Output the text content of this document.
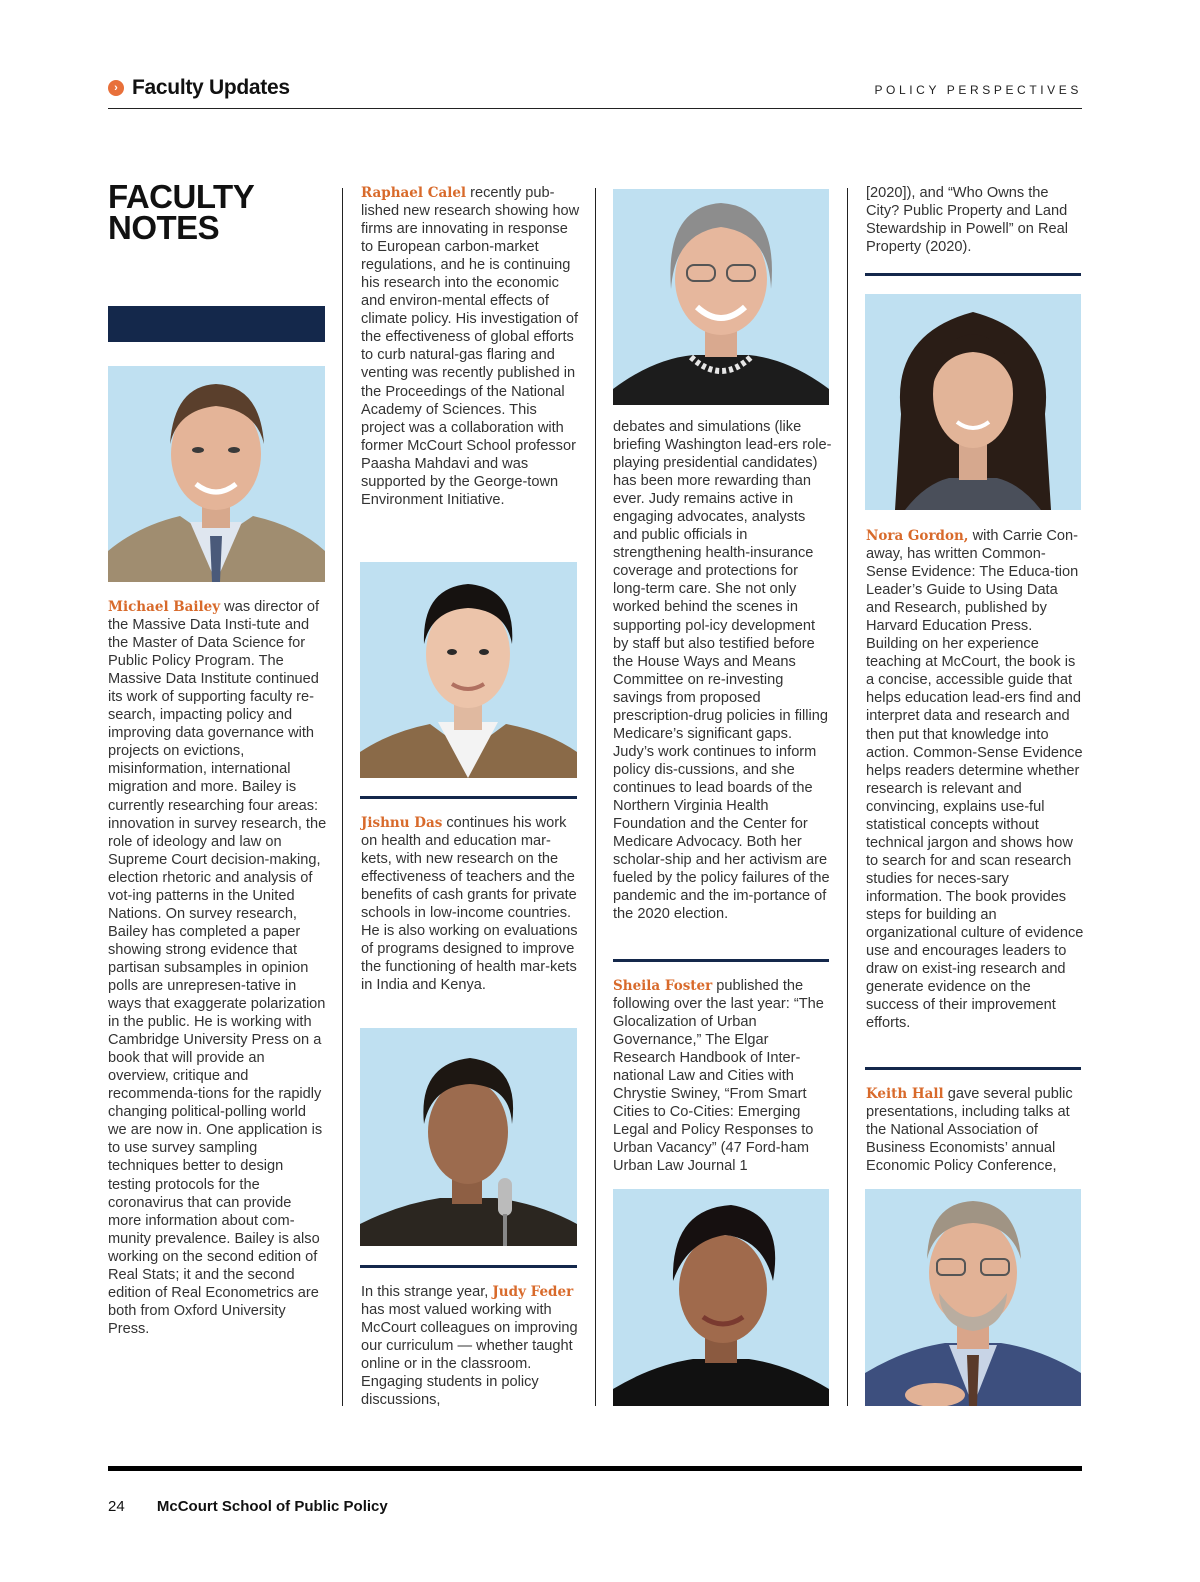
› Faculty Updates	POLICY PERSPECTIVES
FACULTY
NOTES

Michael Bailey was director of the Massive Data Insti-tute and the Master of Data Science for Public Policy Program. The Massive Data Institute continued its work of supporting faculty re-search, impacting policy and improving data governance with projects on evictions, misinformation, international migration and more. Bailey is currently researching four areas: innovation in survey research, the role of ideology and law on Supreme Court decision-making, election rhetoric and analysis of vot-ing patterns in the United Nations. On survey research, Bailey has completed a paper showing strong evidence that partisan subsamples in opinion polls are unrepresen-tative in ways that exaggerate polarization in the public. He is working with Cambridge University Press on a book that will provide an overview, critique and recommenda-tions for the rapidly changing political-polling world we are now in. One application is to use survey sampling techniques better to design testing protocols for the coronavirus that can provide more information about com-munity prevalence. Bailey is also working on the second edition of Real Stats; it and the second edition of Real Econometrics are both from Oxford University Press.

Raphael Calel recently pub-lished new research showing how firms are innovating in response to European carbon-market regulations, and he is continuing his research into the economic and environ-mental effects of climate policy. His investigation of the effectiveness of global efforts to curb natural-gas flaring and venting was recently published in the Proceedings of the National Academy of Sciences. This project was a collaboration with former McCourt School professor Paasha Mahdavi and was supported by the George-town Environment Initiative.

Jishnu Das continues his work on health and education mar-kets, with new research on the effectiveness of teachers and the benefits of cash grants for private schools in low-income countries. He is also working on evaluations of programs designed to improve the functioning of health mar-kets in India and Kenya.

In this strange year, Judy Feder has most valued working with McCourt colleagues on improving our curriculum — whether taught online or in the classroom. Engaging students in policy discussions,

debates and simulations (like briefing Washington lead-ers role-playing presidential candidates) has been more rewarding than ever. Judy remains active in engaging advocates, analysts and public officials in strengthening health-insurance coverage and protections for long-term care. She not only worked behind the scenes in supporting pol-icy development by staff but also testified before the House Ways and Means Committee on re-investing savings from proposed prescription-drug policies in filling Medicare’s significant gaps. Judy’s work continues to inform policy dis-cussions, and she continues to lead boards of the Northern Virginia Health Foundation and the Center for Medicare Advocacy. Both her scholar-ship and her activism are fueled by the policy failures of the pandemic and the im-portance of the 2020 election.

Sheila Foster published the following over the last year: “The Glocalization of Urban Governance,” The Elgar Research Handbook of Inter-national Law and Cities with Chrystie Swiney, “From Smart Cities to Co-Cities: Emerging Legal and Policy Responses to Urban Vacancy” (47 Ford-ham Urban Law Journal 1

[2020]), and “Who Owns the City? Public Property and Land Stewardship in Powell” on Real Property (2020).

Nora Gordon, with Carrie Con-away, has written Common-Sense Evidence: The Educa-tion Leader’s Guide to Using Data and Research, published by Harvard Education Press. Building on her experience teaching at McCourt, the book is a concise, accessible guide that helps education lead-ers find and interpret data and research and then put that knowledge into action. Common-Sense Evidence helps readers determine whether research is relevant and convincing, explains use-ful statistical concepts without technical jargon and shows how to search for and scan research studies for neces-sary information. The book provides steps for building an organizational culture of evidence use and encourages leaders to draw on exist-ing research and generate evidence on the success of their improvement efforts.

Keith Hall gave several public presentations, including talks at the National Association of Business Economists’ annual Economic Policy Conference,

24 McCourt School of Public Policy
